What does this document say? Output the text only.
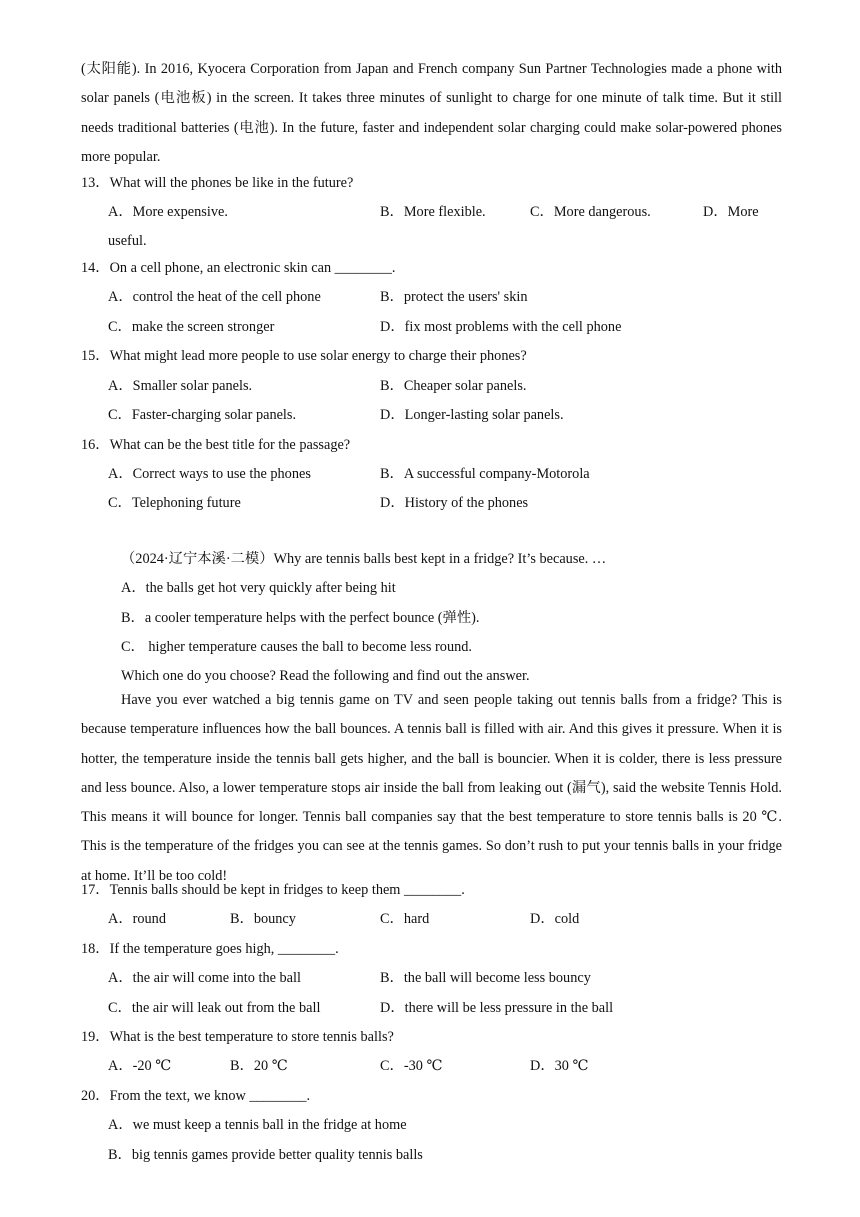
(太阳能). In 2016, Kyocera Corporation from Japan and French company Sun Partner Technologies made a phone with solar panels (电池板) in the screen. It takes three minutes of sunlight to charge for one minute of talk time. But it still needs traditional batteries (电池). In the future, faster and independent solar charging could make solar-powered phones more popular.

13．What will the phones be like in the future?
A．More expensive.	B．More flexible.	C．More dangerous.	D．More
useful.
14．On a cell phone, an electronic skin can ________.
A．control the heat of the cell phone	B．protect the users' skin
C．make the screen stronger	D．fix most problems with the cell phone
15．What might lead more people to use solar energy to charge their phones?
A．Smaller solar panels.	B．Cheaper solar panels.
C．Faster-charging solar panels.	D．Longer-lasting solar panels.
16．What can be the best title for the passage?
A．Correct ways to use the phones	B．A successful company-Motorola
C．Telephoning future	D．History of the phones
（2024·辽宁本溪·二模）Why are tennis balls best kept in a fridge? It’s because. …
A．the balls get hot very quickly after being hit
B．a cooler temperature helps with the perfect bounce (弹性).
C． higher temperature causes the ball to become less round.
Which one do you choose? Read the following and find out the answer.

Have you ever watched a big tennis game on TV and seen people taking out tennis balls from a fridge? This is because temperature influences how the ball bounces. A tennis ball is filled with air. And this gives it pressure. When it is hotter, the temperature inside the tennis ball gets higher, and the ball is bouncier. When it is colder, there is less pressure and less bounce. Also, a lower temperature stops air inside the ball from leaking out (漏气), said the website Tennis Hold. This means it will bounce for longer. Tennis ball companies say that the best temperature to store tennis balls is 20 ℃. This is the temperature of the fridges you can see at the tennis games. So don’t rush to put your tennis balls in your fridge at home. It’ll be too cold!

17．Tennis balls should be kept in fridges to keep them ________.
A．round	B．bouncy	C．hard	D．cold
18．If the temperature goes high, ________.
A．the air will come into the ball	B．the ball will become less bouncy
C．the air will leak out from the ball	D．there will be less pressure in the ball
19．What is the best temperature to store tennis balls?
A．-20 ℃	B．20 ℃	C．-30 ℃	D．30 ℃
20．From the text, we know ________.
A．we must keep a tennis ball in the fridge at home
B．big tennis games provide better quality tennis balls
